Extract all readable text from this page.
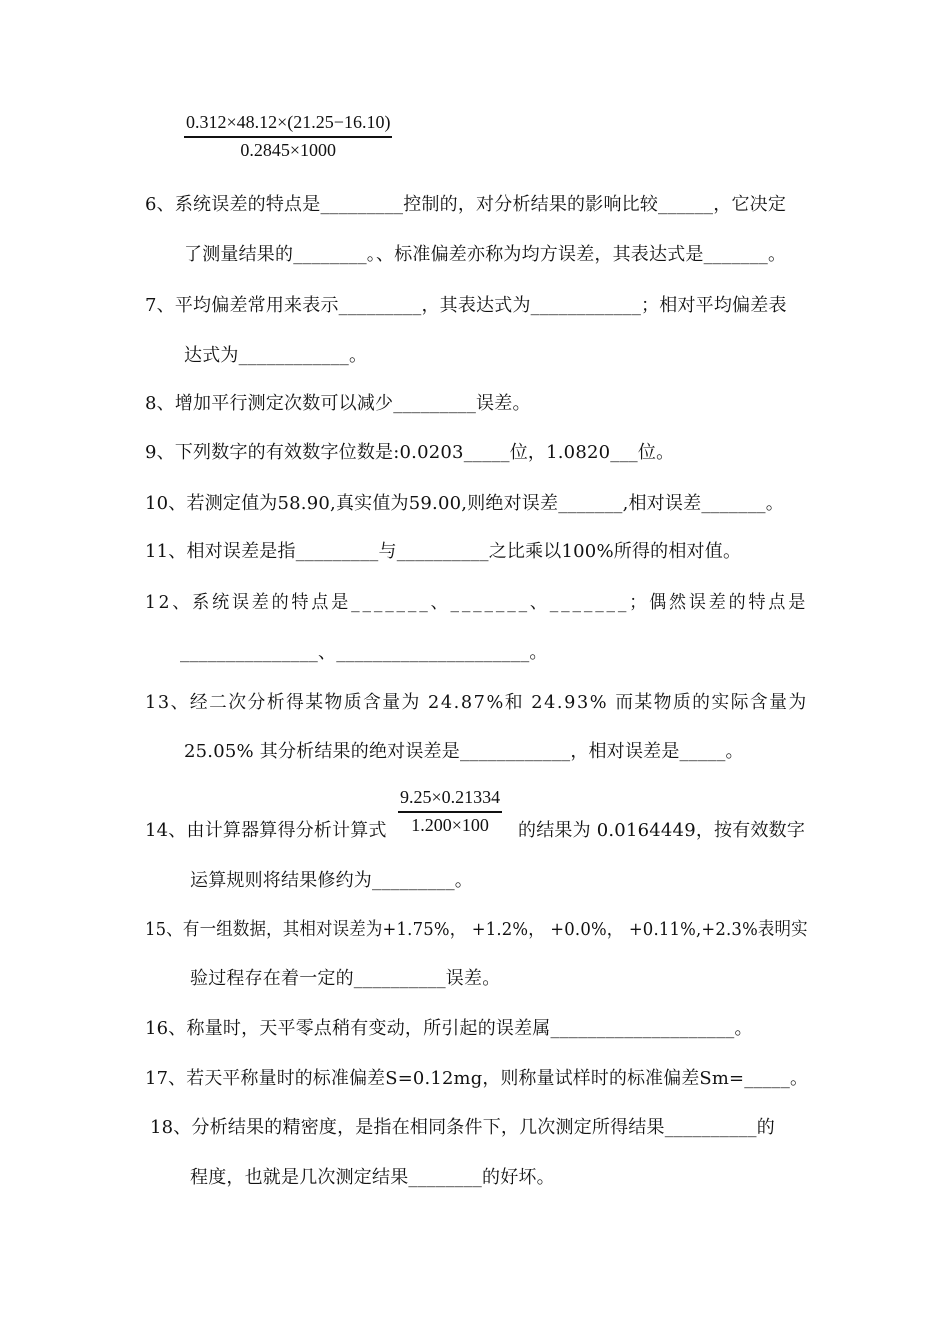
0.312×48.12×(21.25−16.10)
0.2845×1000
6、系统误差的特点是_________控制的，对分析结果的影响比较______，它决定
了测量结果的________。、标准偏差亦称为均方误差，其表达式是_______。
7、平均偏差常用来表示_________，其表达式为____________；相对平均偏差表
达式为____________。
8、增加平行测定次数可以减少_________误差。
9、下列数字的有效数字位数是:0.0203_____位，1.0820___位。
10、若测定值为58.90,真实值为59.00,则绝对误差_______,相对误差_______。
11、相对误差是指_________与__________之比乘以100%所得的相对值。
12、系统误差的特点是_______、_______、_______；偶然误差的特点是
_______________、_____________________。
13、经二次分析得某物质含量为 24.87%和 24.93% 而某物质的实际含量为
25.05% 其分析结果的绝对误差是____________，相对误差是_____。
9.25×0.21334
1.200×100
14、由计算器算得分析计算式	的结果为 0.0164449，按有效数字
运算规则将结果修约为_________。
15、有一组数据，其相对误差为+1.75%， +1.2%， +0.0%， +0.11%,+2.3%表明实
验过程存在着一定的__________误差。
16、称量时，天平零点稍有变动，所引起的误差属____________________。
17、若天平称量时的标准偏差S=0.12mg，则称量试样时的标准偏差Sm=_____。
18、分析结果的精密度，是指在相同条件下，几次测定所得结果__________的
程度，也就是几次测定结果________的好坏。
